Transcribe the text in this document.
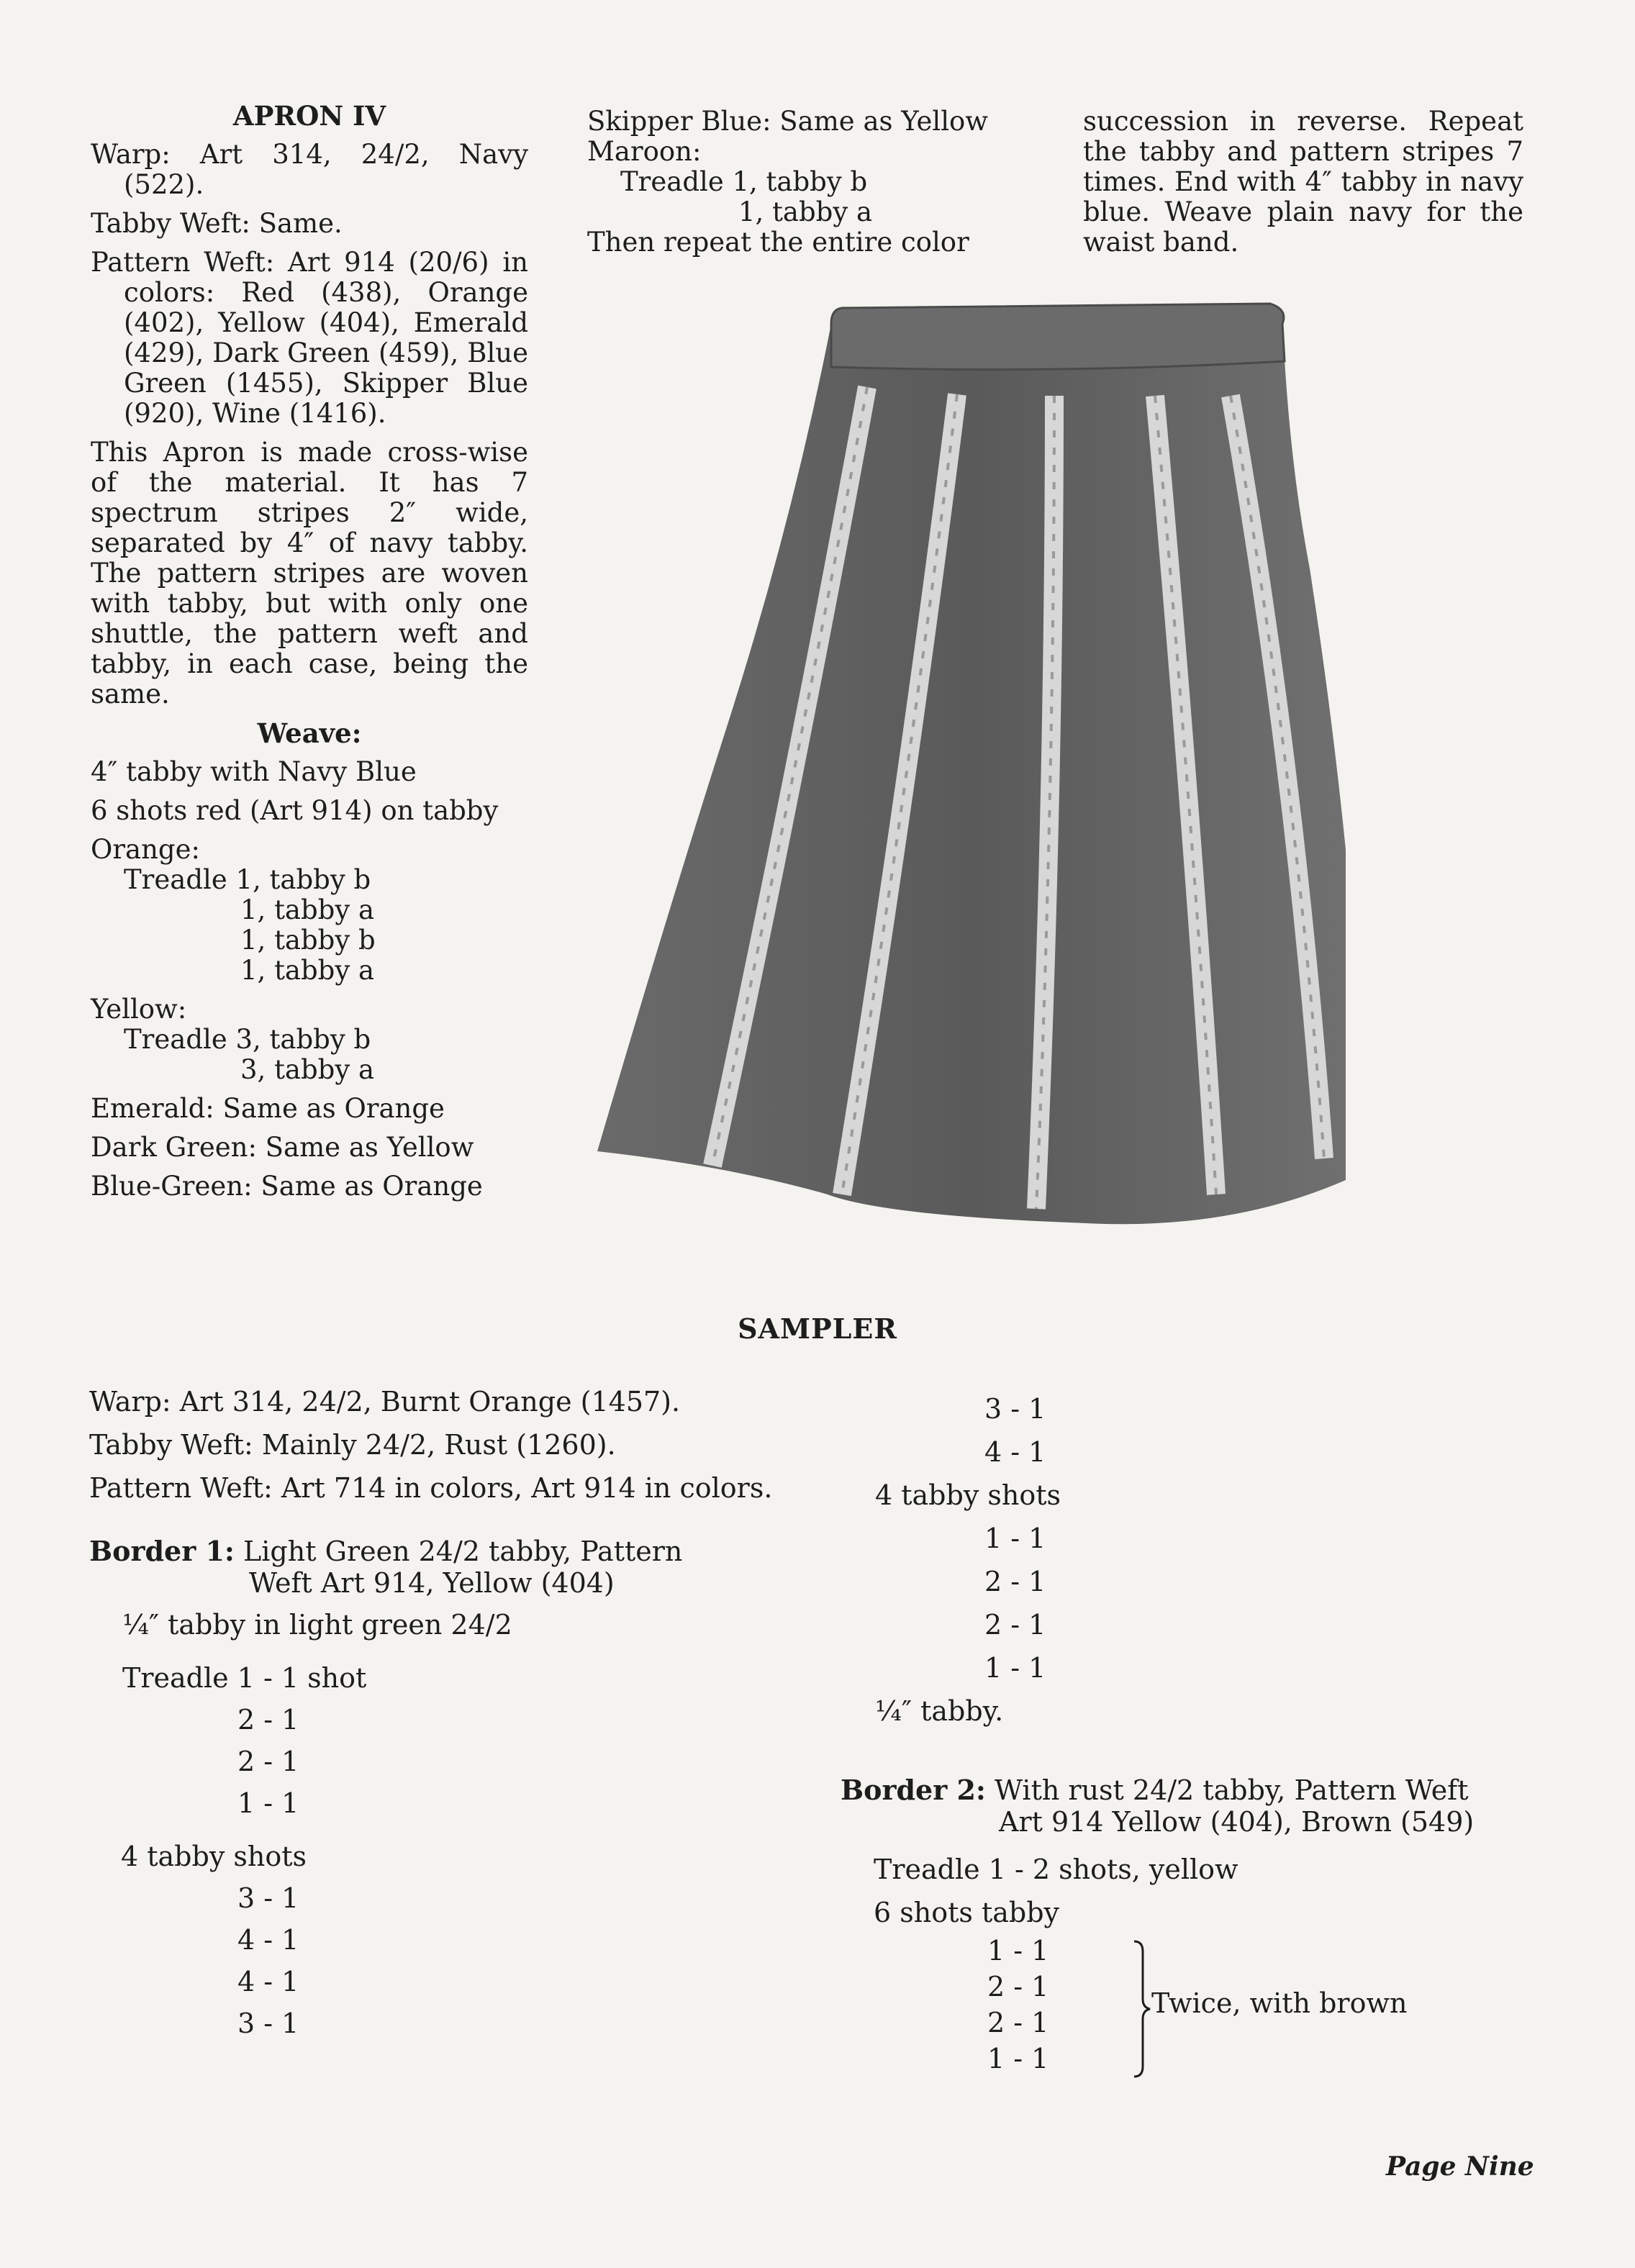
APRON IV

Warp: Art 314, 24/2, Navy (522).

Tabby Weft: Same.

Pattern Weft: Art 914 (20/6) in colors: Red (438), Orange (402), Yellow (404), Emerald (429), Dark Green (459), Blue Green (1455), Skipper Blue (920), Wine (1416).

This Apron is made cross-wise of the material. It has 7 spectrum stripes 2″ wide, separated by 4″ of navy tabby. The pattern stripes are woven with tabby, but with only one shuttle, the pattern weft and tabby, in each case, being the same.

Weave:

4″ tabby with Navy Blue

6 shots red (Art 914) on tabby

Orange:

Treadle 1, tabby b

1, tabby a

1, tabby b

1, tabby a

Yellow:

Treadle 3, tabby b

3, tabby a

Emerald: Same as Orange

Dark Green: Same as Yellow

Blue-Green: Same as Orange

Skipper Blue: Same as Yellow

Maroon:

Treadle 1, tabby b

1, tabby a

Then repeat the entire color

succession in reverse. Repeat the tabby and pattern stripes 7 times. End with 4″ tabby in navy blue. Weave plain navy for the waist band.

SAMPLER

Warp: Art 314, 24/2, Burnt Orange (1457).

Tabby Weft: Mainly 24/2, Rust (1260).

Pattern Weft: Art 714 in colors, Art 914 in colors.

Border 1: Light Green 24/2 tabby, Pattern

Weft Art 914, Yellow (404)

¼″ tabby in light green 24/2

Treadle 1 - 1 shot

2 - 1

2 - 1

1 - 1

4 tabby shots

3 - 1

4 - 1

4 - 1

3 - 1

3 - 1

4 - 1

4 tabby shots

1 - 1

2 - 1

2 - 1

1 - 1

¼″ tabby.

Border 2: With rust 24/2 tabby, Pattern Weft

Art 914 Yellow (404), Brown (549)

Treadle 1 - 2 shots, yellow

6 shots tabby

1 - 1

2 - 1

2 - 1

1 - 1

Twice, with brown
Page Nine
